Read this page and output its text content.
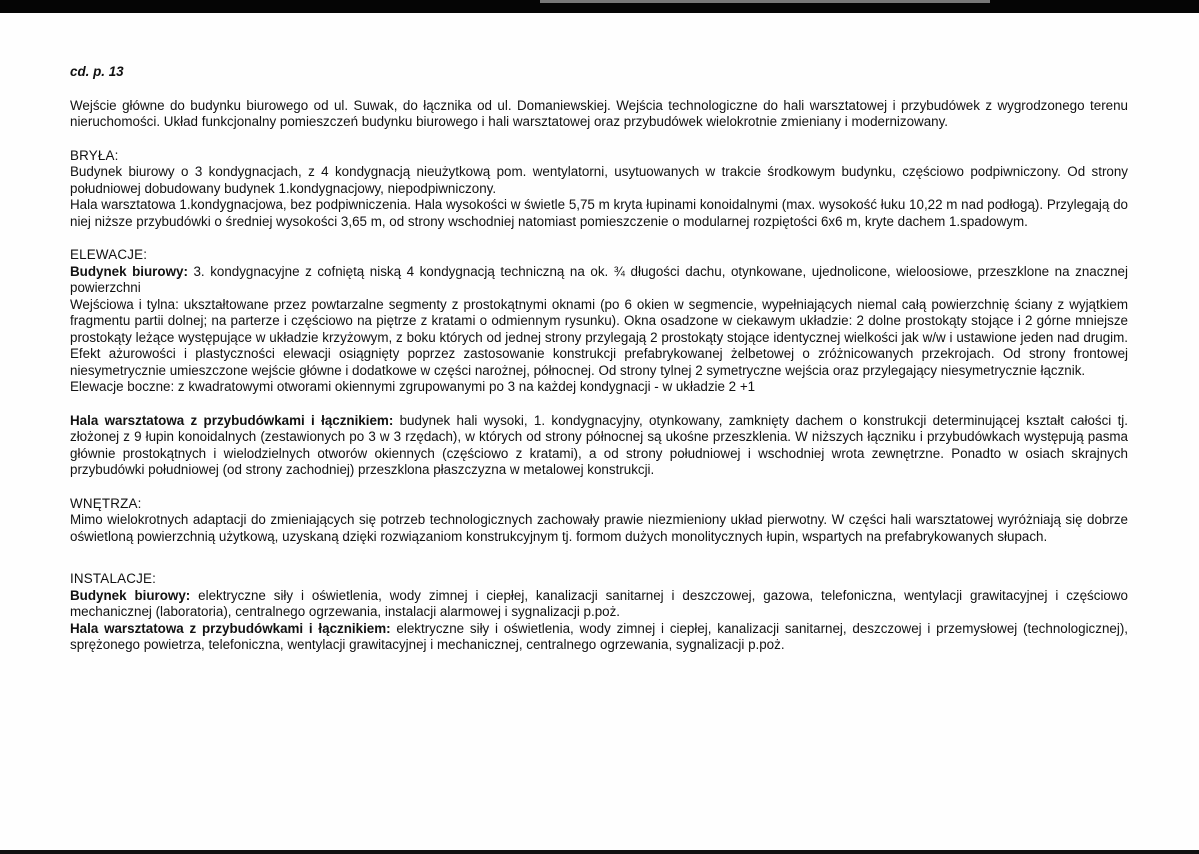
cd. p. 13

Wejście główne do budynku biurowego od ul. Suwak, do łącznika od ul. Domaniewskiej. Wejścia technologiczne do hali warsztatowej i przybudówek z wygrodzonego terenu nieruchomości. Układ funkcjonalny pomieszczeń budynku biurowego i hali warsztatowej oraz przybudówek wielokrotnie zmieniany i modernizowany.

BRYŁA:

Budynek biurowy o 3 kondygnacjach, z 4 kondygnacją nieużytkową pom. wentylatorni, usytuowanych w trakcie środkowym budynku, częściowo podpiwniczony. Od strony południowej dobudowany budynek 1.kondygnacjowy, niepodpiwniczony.

Hala warsztatowa 1.kondygnacjowa, bez podpiwniczenia. Hala wysokości w świetle 5,75 m kryta łupinami konoidalnymi (max. wysokość łuku 10,22 m nad podłogą). Przylegają do niej niższe przybudówki o średniej wysokości 3,65 m, od strony wschodniej natomiast pomieszczenie o modularnej rozpiętości 6x6 m, kryte dachem 1.spadowym.

ELEWACJE:

Budynek biurowy: 3. kondygnacyjne z cofniętą niską 4 kondygnacją techniczną na ok. ¾ długości dachu, otynkowane, ujednolicone, wieloosiowe, przeszklone na znacznej powierzchni

Wejściowa i tylna: ukształtowane przez powtarzalne segmenty z prostokątnymi oknami (po 6 okien w segmencie, wypełniających niemal całą powierzchnię ściany z wyjątkiem fragmentu partii dolnej; na parterze i częściowo na piętrze z kratami o odmiennym rysunku). Okna osadzone w ciekawym układzie: 2 dolne prostokąty stojące i 2 górne mniejsze prostokąty leżące występujące w układzie krzyżowym, z boku których od jednej strony przylegają 2 prostokąty stojące identycznej wielkości jak w/w i ustawione jeden nad drugim. Efekt ażurowości i plastyczności elewacji osiągnięty poprzez zastosowanie konstrukcji prefabrykowanej żelbetowej o zróżnicowanych przekrojach. Od strony frontowej niesymetrycznie umieszczone wejście główne i dodatkowe w części narożnej, północnej. Od strony tylnej 2 symetryczne wejścia oraz przylegający niesymetrycznie łącznik.

Elewacje boczne: z kwadratowymi otworami okiennymi zgrupowanymi po 3 na każdej kondygnacji - w układzie 2 +1

Hala warsztatowa z przybudówkami i łącznikiem: budynek hali wysoki, 1. kondygnacyjny, otynkowany, zamknięty dachem o konstrukcji determinującej kształt całości tj. złożonej z 9 łupin konoidalnych (zestawionych po 3 w 3 rzędach), w których od strony północnej są ukośne przeszklenia. W niższych łączniku i przybudówkach występują pasma głównie prostokątnych i wielodzielnych otworów okiennych (częściowo z kratami), a od strony południowej i wschodniej wrota zewnętrzne. Ponadto w osiach skrajnych przybudówki południowej (od strony zachodniej) przeszklona płaszczyzna w metalowej konstrukcji.

WNĘTRZA:

Mimo wielokrotnych adaptacji do zmieniających się potrzeb technologicznych zachowały prawie niezmieniony układ pierwotny. W części hali warsztatowej wyróżniają się dobrze oświetloną powierzchnią użytkową, uzyskaną dzięki rozwiązaniom konstrukcyjnym tj. formom dużych monolitycznych łupin, wspartych na prefabrykowanych słupach.

INSTALACJE:

Budynek biurowy: elektryczne siły i oświetlenia, wody zimnej i ciepłej, kanalizacji sanitarnej i deszczowej, gazowa, telefoniczna, wentylacji grawitacyjnej i częściowo mechanicznej (laboratoria), centralnego ogrzewania, instalacji alarmowej i sygnalizacji p.poż.

Hala warsztatowa z przybudówkami i łącznikiem: elektryczne siły i oświetlenia, wody zimnej i ciepłej, kanalizacji sanitarnej, deszczowej i przemysłowej (technologicznej), sprężonego powietrza, telefoniczna, wentylacji grawitacyjnej i mechanicznej, centralnego ogrzewania, sygnalizacji p.poż.
